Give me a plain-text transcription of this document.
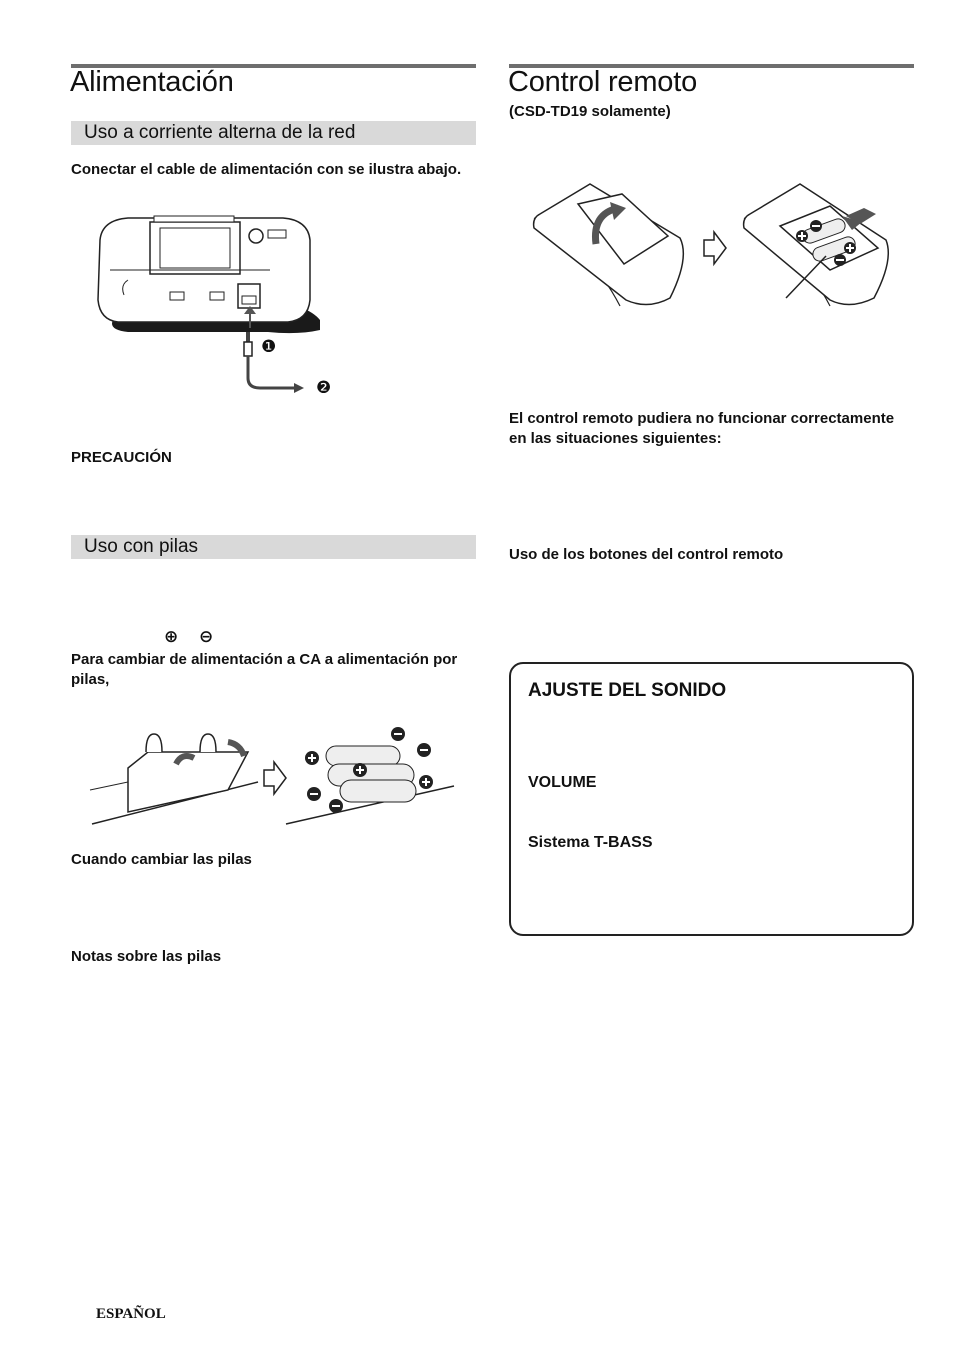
Alimentación
Uso a corriente alterna de la red
Conectar el cable de alimentación con se ilustra abajo.
❶
❷
PRECAUCIÓN
Uso con pilas
⊕ ⊖
Para cambiar de alimentación a CA a alimentación por pilas,
Cuando cambiar las pilas
Notas sobre las pilas
Control remoto
(CSD-TD19 solamente)
El control remoto pudiera no funcionar correctamente en las situaciones siguientes:
Uso de los botones del control remoto
AJUSTE DEL SONIDO
VOLUME
Sistema T-BASS
ESPAÑOL
